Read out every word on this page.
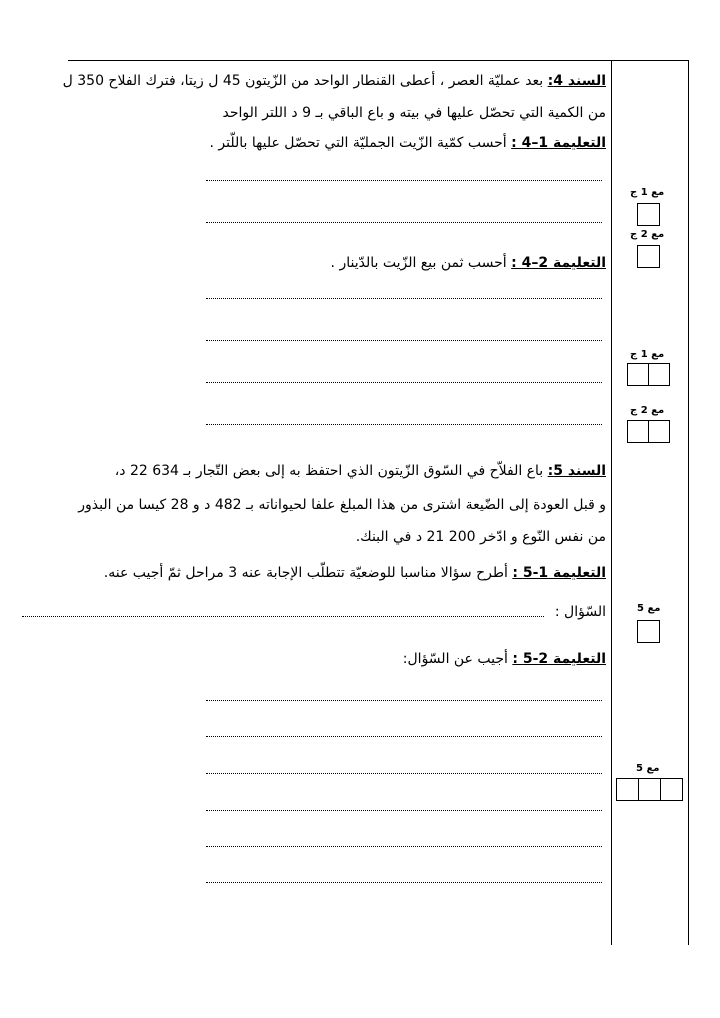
السند 4: بعد عمليّة العصر ، أعطى القنطار الواحد من الزّيتون 45 ل زيتا، فترك الفلاح 350 ل
من الكمية التي تحصّل عليها في بيته و باع الباقي بـ 9 د اللتر الواحد
التعليمة 1–4 : أحسب كمّية الزّيت الجمليّة التي تحصّل عليها باللّتر .
التعليمة 2–4 : أحسب ثمن بيع الزّيت بالدّينار .
السند 5: باع الفلاّح في السّوق الزّيتون الذي احتفظ به إلى بعض التّجار بـ 634 22 د،
و قبل العودة إلى الضّيعة اشترى من هذا المبلغ علفا لحيواناته بـ 482 د و 28 كيسا من البذور
من نفس النّوع و ادّخر 200 21 د في البنك.
التعليمة 1-5 : أطرح سؤالا مناسبا للوضعيّة تتطلّب الإجابة عنه 3 مراحل ثمّ أجيب عنه.
السّؤال :
التعليمة 2-5 : أجيب عن السّؤال:
مع 1 ج
مع 2 ج
مع 1 ج
مع 2 ج
مع 5
مع 5
